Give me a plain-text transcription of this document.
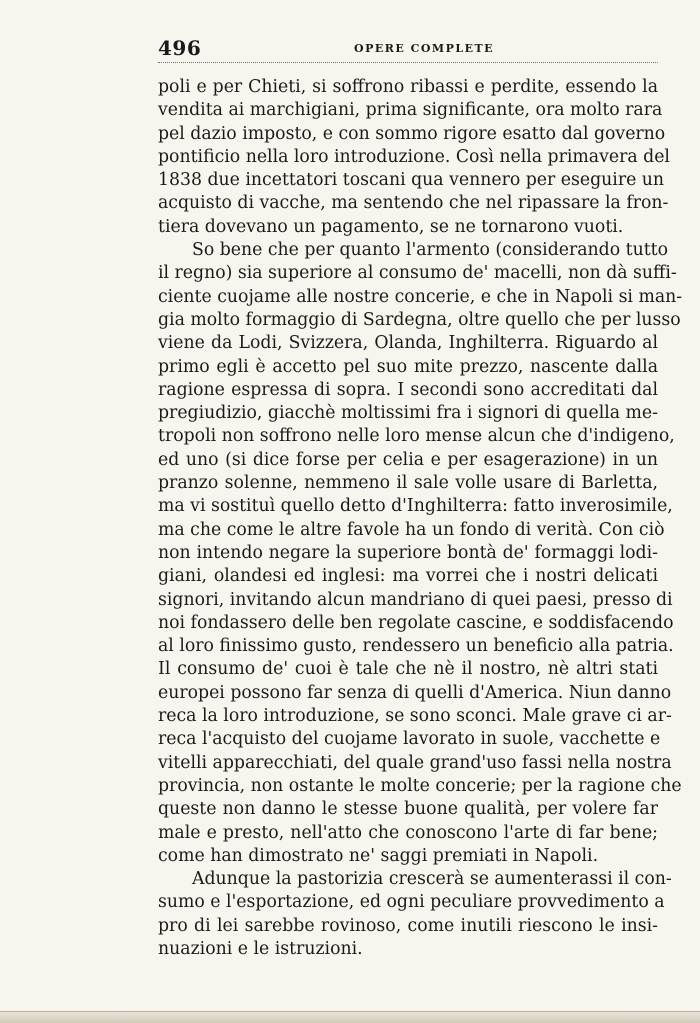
496	OPERE COMPLETE
poli e per Chieti, si soffrono ribassi e perdite, essendo la
vendita ai marchigiani, prima significante, ora molto rara
pel dazio imposto, e con sommo rigore esatto dal governo
pontificio nella loro introduzione. Così nella primavera del
1838 due incettatori toscani qua vennero per eseguire un
acquisto di vacche, ma sentendo che nel ripassare la fron-
tiera dovevano un pagamento, se ne tornarono vuoti.
So bene che per quanto l'armento (considerando tutto
il regno) sia superiore al consumo de' macelli, non dà suffi-
ciente cuojame alle nostre concerie, e che in Napoli si man-
gia molto formaggio di Sardegna, oltre quello che per lusso
viene da Lodi, Svizzera, Olanda, Inghilterra. Riguardo al
primo egli è accetto pel suo mite prezzo, nascente dalla
ragione espressa di sopra. I secondi sono accreditati dal
pregiudizio, giacchè moltissimi fra i signori di quella me-
tropoli non soffrono nelle loro mense alcun che d'indigeno,
ed uno (si dice forse per celia e per esagerazione) in un
pranzo solenne, nemmeno il sale volle usare di Barletta,
ma vi sostituì quello detto d'Inghilterra: fatto inverosimile,
ma che come le altre favole ha un fondo di verità. Con ciò
non intendo negare la superiore bontà de' formaggi lodi-
giani, olandesi ed inglesi: ma vorrei che i nostri delicati
signori, invitando alcun mandriano di quei paesi, presso di
noi fondassero delle ben regolate cascine, e soddisfacendo
al loro finissimo gusto, rendessero un beneficio alla patria.
Il consumo de' cuoi è tale che nè il nostro, nè altri stati
europei possono far senza di quelli d'America. Niun danno
reca la loro introduzione, se sono sconci. Male grave ci ar-
reca l'acquisto del cuojame lavorato in suole, vacchette e
vitelli apparecchiati, del quale grand'uso fassi nella nostra
provincia, non ostante le molte concerie; per la ragione che
queste non danno le stesse buone qualità, per volere far
male e presto, nell'atto che conoscono l'arte di far bene;
come han dimostrato ne' saggi premiati in Napoli.
Adunque la pastorizia crescerà se aumenterassi il con-
sumo e l'esportazione, ed ogni peculiare provvedimento a
pro di lei sarebbe rovinoso, come inutili riescono le insi-
nuazioni e le istruzioni.
